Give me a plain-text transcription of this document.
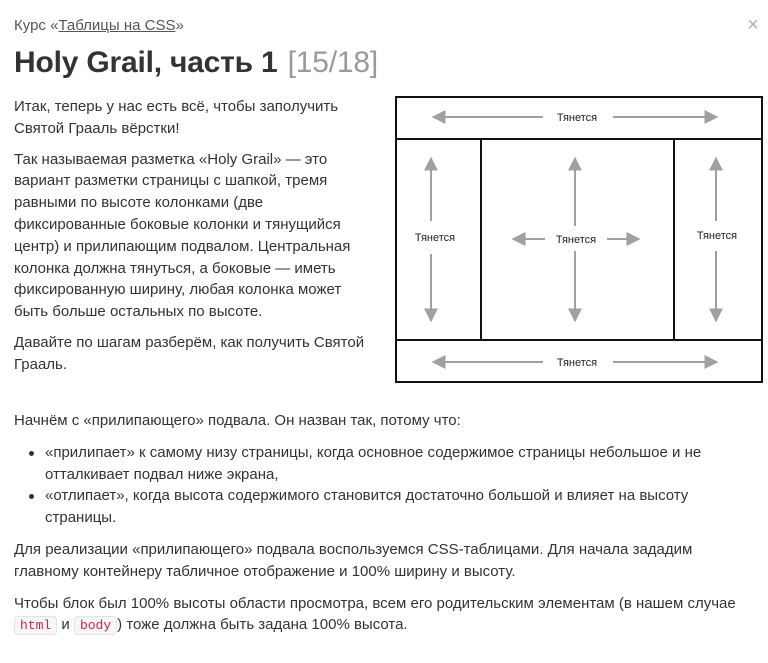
Курс «Таблицы на CSS»	×
Holy Grail, часть 1 [15/18]

Итак, теперь у нас есть всё, чтобы заполучить Святой Грааль вёрстки!

Так называемая разметка «Holy Grail» — это вариант разметки страницы с шапкой, тремя равными по высоте колонками (две фиксированные боковые колонки и тянущийся центр) и прилипающим подвалом. Центральная колонка должна тянуться, а боковые — иметь фиксированную ширину, любая колонка может быть больше остальных по высоте.

Давайте по шагам разберём, как получить Святой Грааль.

Тянется
Тянется	Тянется	Тянется
Тянется

Начнём с «прилипающего» подвала. Он назван так, потому что:

«прилипает» к самому низу страницы, когда основное содержимое страницы небольшое и не отталкивает подвал ниже экрана,
«отлипает», когда высота содержимого становится достаточно большой и влияет на высоту страницы.

Для реализации «прилипающего» подвала воспользуемся CSS-таблицами. Для начала зададим главному контейнеру табличное отображение и 100% ширину и высоту.

Чтобы блок был 100% высоты области просмотра, всем его родительским элементам (в нашем случае html и body ) тоже должна быть задана 100% высота.
